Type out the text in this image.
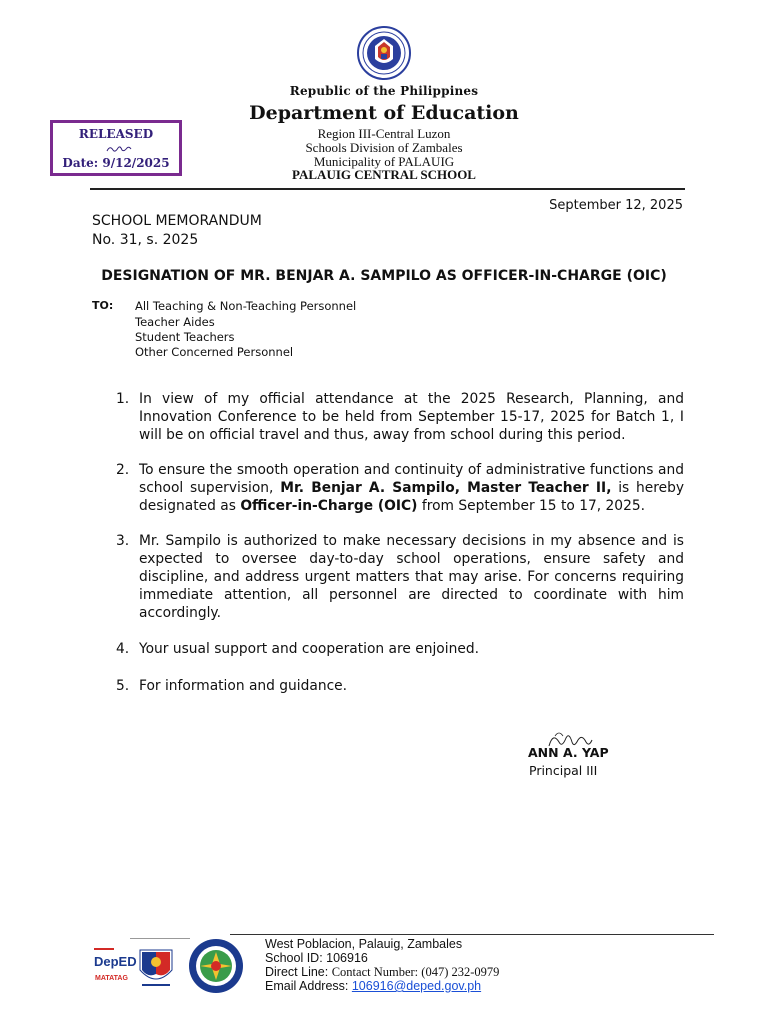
Republic of the Philippines
Department of Education
Region III-Central Luzon
Schools Division of Zambales
Municipality of PALAUIG
PALAUIG CENTRAL SCHOOL
RELEASED
Date: 9/12/2025
September 12, 2025
SCHOOL MEMORANDUM
No. 31, s. 2025
DESIGNATION OF MR. BENJAR A. SAMPILO AS OFFICER-IN-CHARGE (OIC)
TO: All Teaching & Non-Teaching Personnel
Teacher Aides
Student Teachers
Other Concerned Personnel
1. In view of my official attendance at the 2025 Research, Planning, and Innovation Conference to be held from September 15-17, 2025 for Batch 1, I will be on official travel and thus, away from school during this period.
2. To ensure the smooth operation and continuity of administrative functions and school supervision, Mr. Benjar A. Sampilo, Master Teacher II, is hereby designated as Officer-in-Charge (OIC) from September 15 to 17, 2025.
3. Mr. Sampilo is authorized to make necessary decisions in my absence and is expected to oversee day-to-day school operations, ensure safety and discipline, and address urgent matters that may arise. For concerns requiring immediate attention, all personnel are directed to coordinate with him accordingly.
4. Your usual support and cooperation are enjoined.
5. For information and guidance.
ANN A. YAP
Principal III
DepED
MATATAG
West Poblacion, Palauig, Zambales
School ID: 106916
Direct Line: Contact Number: (047) 232-0979
Email Address: 106916@deped.gov.ph
